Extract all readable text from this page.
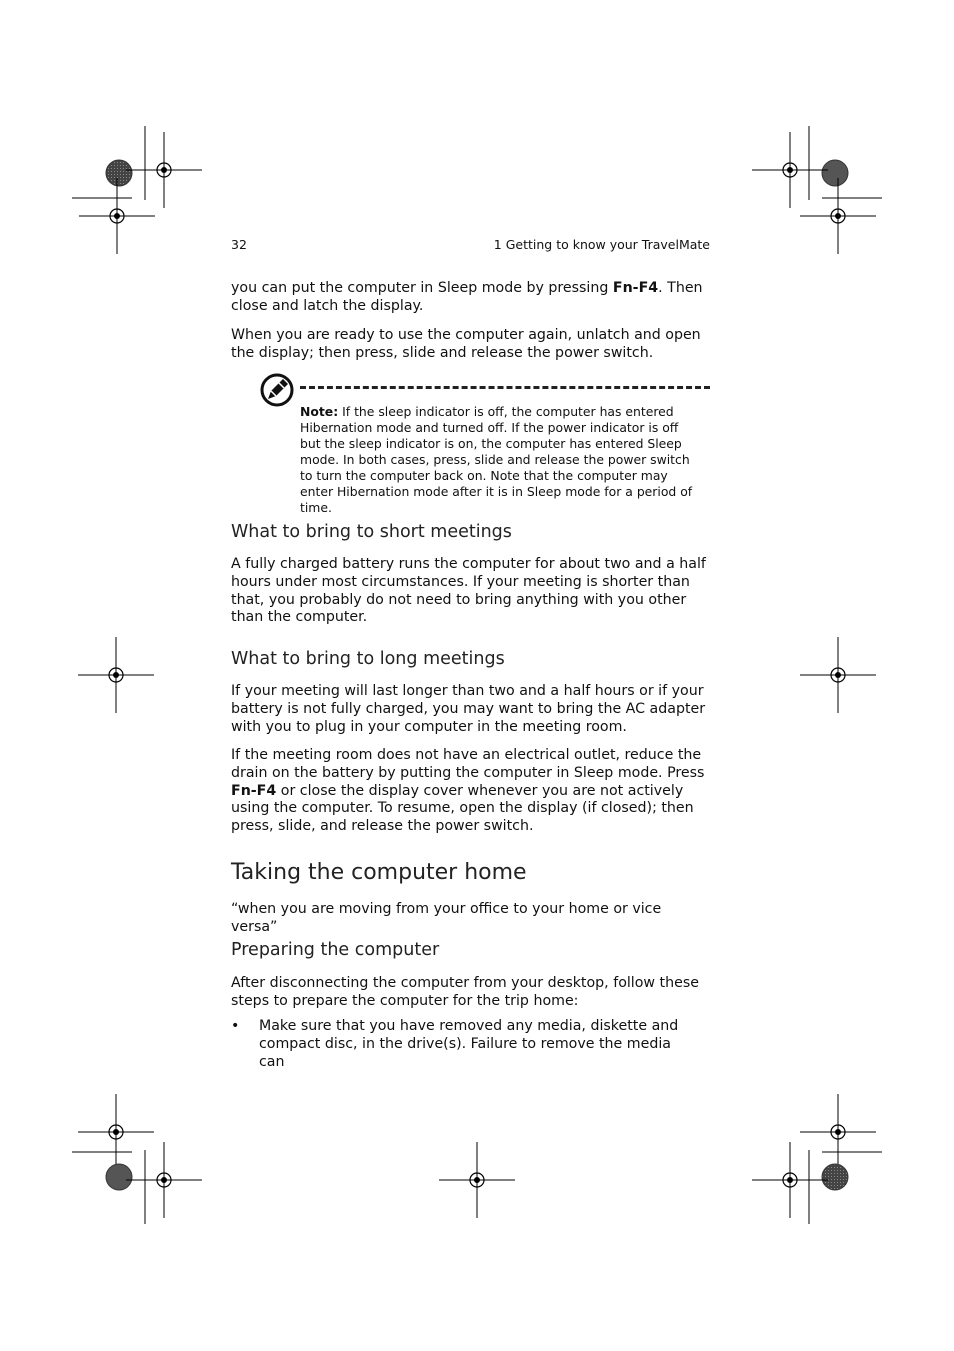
32	1 Getting to know your TravelMate

you can put the computer in Sleep mode by pressing Fn-F4. Then close and latch the display.

When you are ready to use the computer again, unlatch and open the display; then press, slide and release the power switch.

Note: If the sleep indicator is off, the computer has entered Hibernation mode and turned off. If the power indicator is off but the sleep indicator is on, the computer has entered Sleep mode. In both cases, press, slide and release the power switch to turn the computer back on. Note that the computer may enter Hibernation mode after it is in Sleep mode for a period of time.

What to bring to short meetings

A fully charged battery runs the computer for about two and a half hours under most circumstances. If your meeting is shorter than that, you probably do not need to bring anything with you other than the computer.

What to bring to long meetings

If your meeting will last longer than two and a half hours or if your battery is not fully charged, you may want to bring the AC adapter with you to plug in your computer in the meeting room.

If the meeting room does not have an electrical outlet, reduce the drain on the battery by putting the computer in Sleep mode. Press Fn-F4 or close the display cover whenever you are not actively using the computer. To resume, open the display (if closed); then press, slide, and release the power switch.

Taking the computer home

“when you are moving from your office to your home or vice versa”

Preparing the computer

After disconnecting the computer from your desktop, follow these steps to prepare the computer for the trip home:

• Make sure that you have removed any media, diskette and compact disc, in the drive(s). Failure to remove the media can
